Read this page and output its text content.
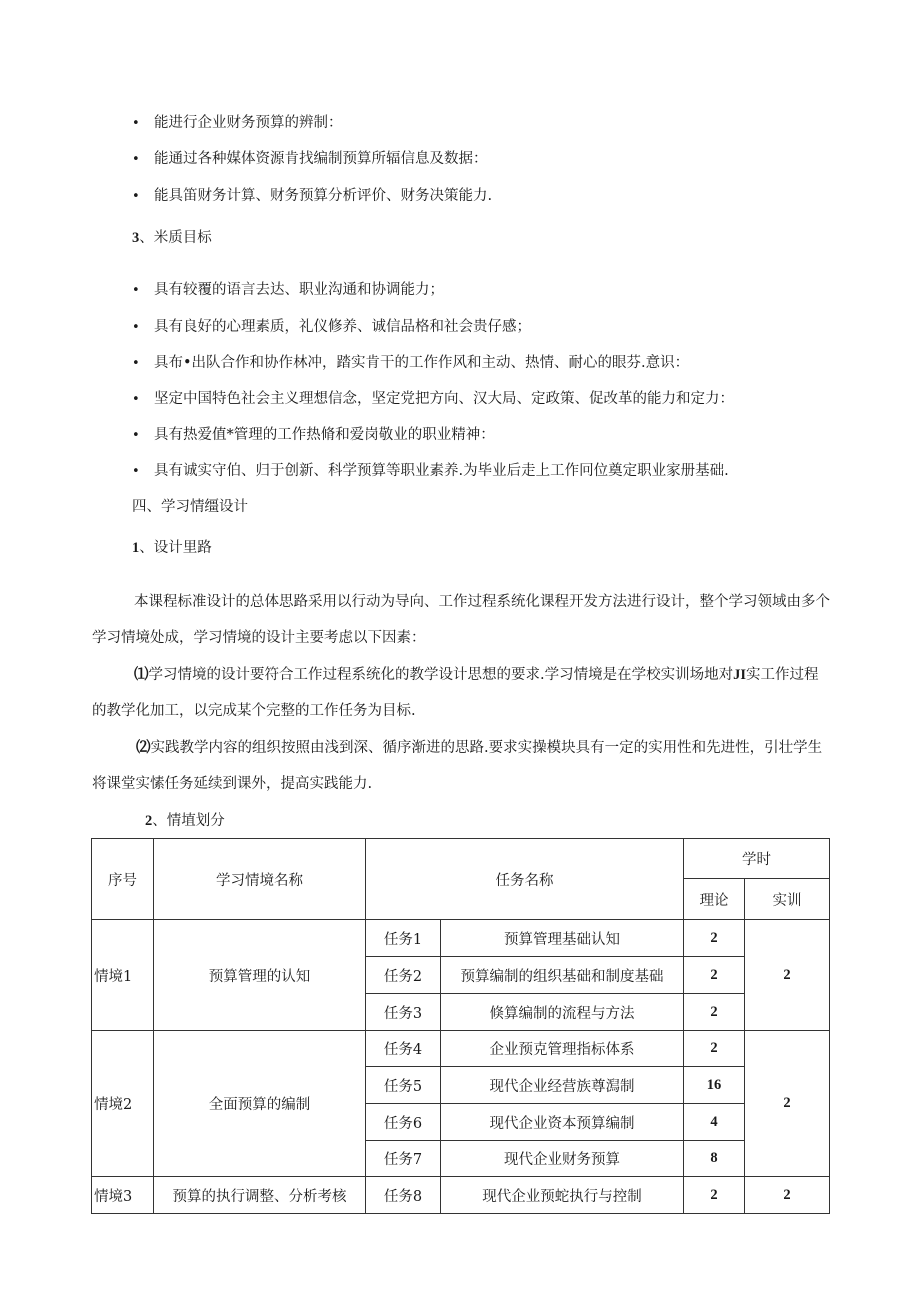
• 能进行企业财务预算的辨制：
• 能通过各种媒体资源肯找编制预算所辐信息及数据：
• 能具笛财务计算、财务预算分析评价、财务决策能力.
3、米质目标
• 具有较覆的语言去达、职业沟通和协调能力；
• 具有良好的心理素质，礼仪修养、诚信品格和社会贵仔感；
• 具布•出队合作和协作林冲，踏实肯干的工作作风和主动、热情、耐心的眼芬.意识：
• 坚定中国特色社会主义理想信念，坚定党把方向、汉大局、定政策、促改革的能力和定力：
• 具有热爱值*管理的工作热脩和爱岗敬业的职业精神：
• 具有诚实守伯、归于创新、科学预算等职业素养.为毕业后走上工作冋位奠定职业家册基础.
四、学习情缰设计
1、设计里路
本课程标准设计的总体思路采用以行动为导向、工作过程系统化课程开发方法进行设计，整个学习领域由多个学习情境处成，学习情境的设计主要考虑以下因素：
⑴学习情境的设计要符合工作过程系统化的教学设计思想的要求.学习情境是在学校实训场地对JI实工作过程的教学化加工，以完成某个完整的工作任务为目标.
⑵实践教学内容的组织按照由浅到深、循序渐进的思路.要求实操模块具有一定的实用性和先进性，引壮学生将课堂实愫任务延续到课外，提高实践能力.
2、情埴划分
序号	学习情境名称	任务名称		学时	
				理论	实训
情境1	预算管理的认知	任务1	预算管理基础认知	2	2
		任务2	预算编制的组织基础和制度基础	2	
		任务3	倏算编制的流程与方法	2	
情境2	全面预算的编制	任务4	企业预克管理指标体系	2	2
		任务5	现代企业经营族尊澙制	16	
		任务6	现代企业资本预算编制	4	
		任务7	现代企业财务预算	8	
情境3	预算的执行调整、分析考核	任务8	现代企业预蛇执行与控制	2	2
